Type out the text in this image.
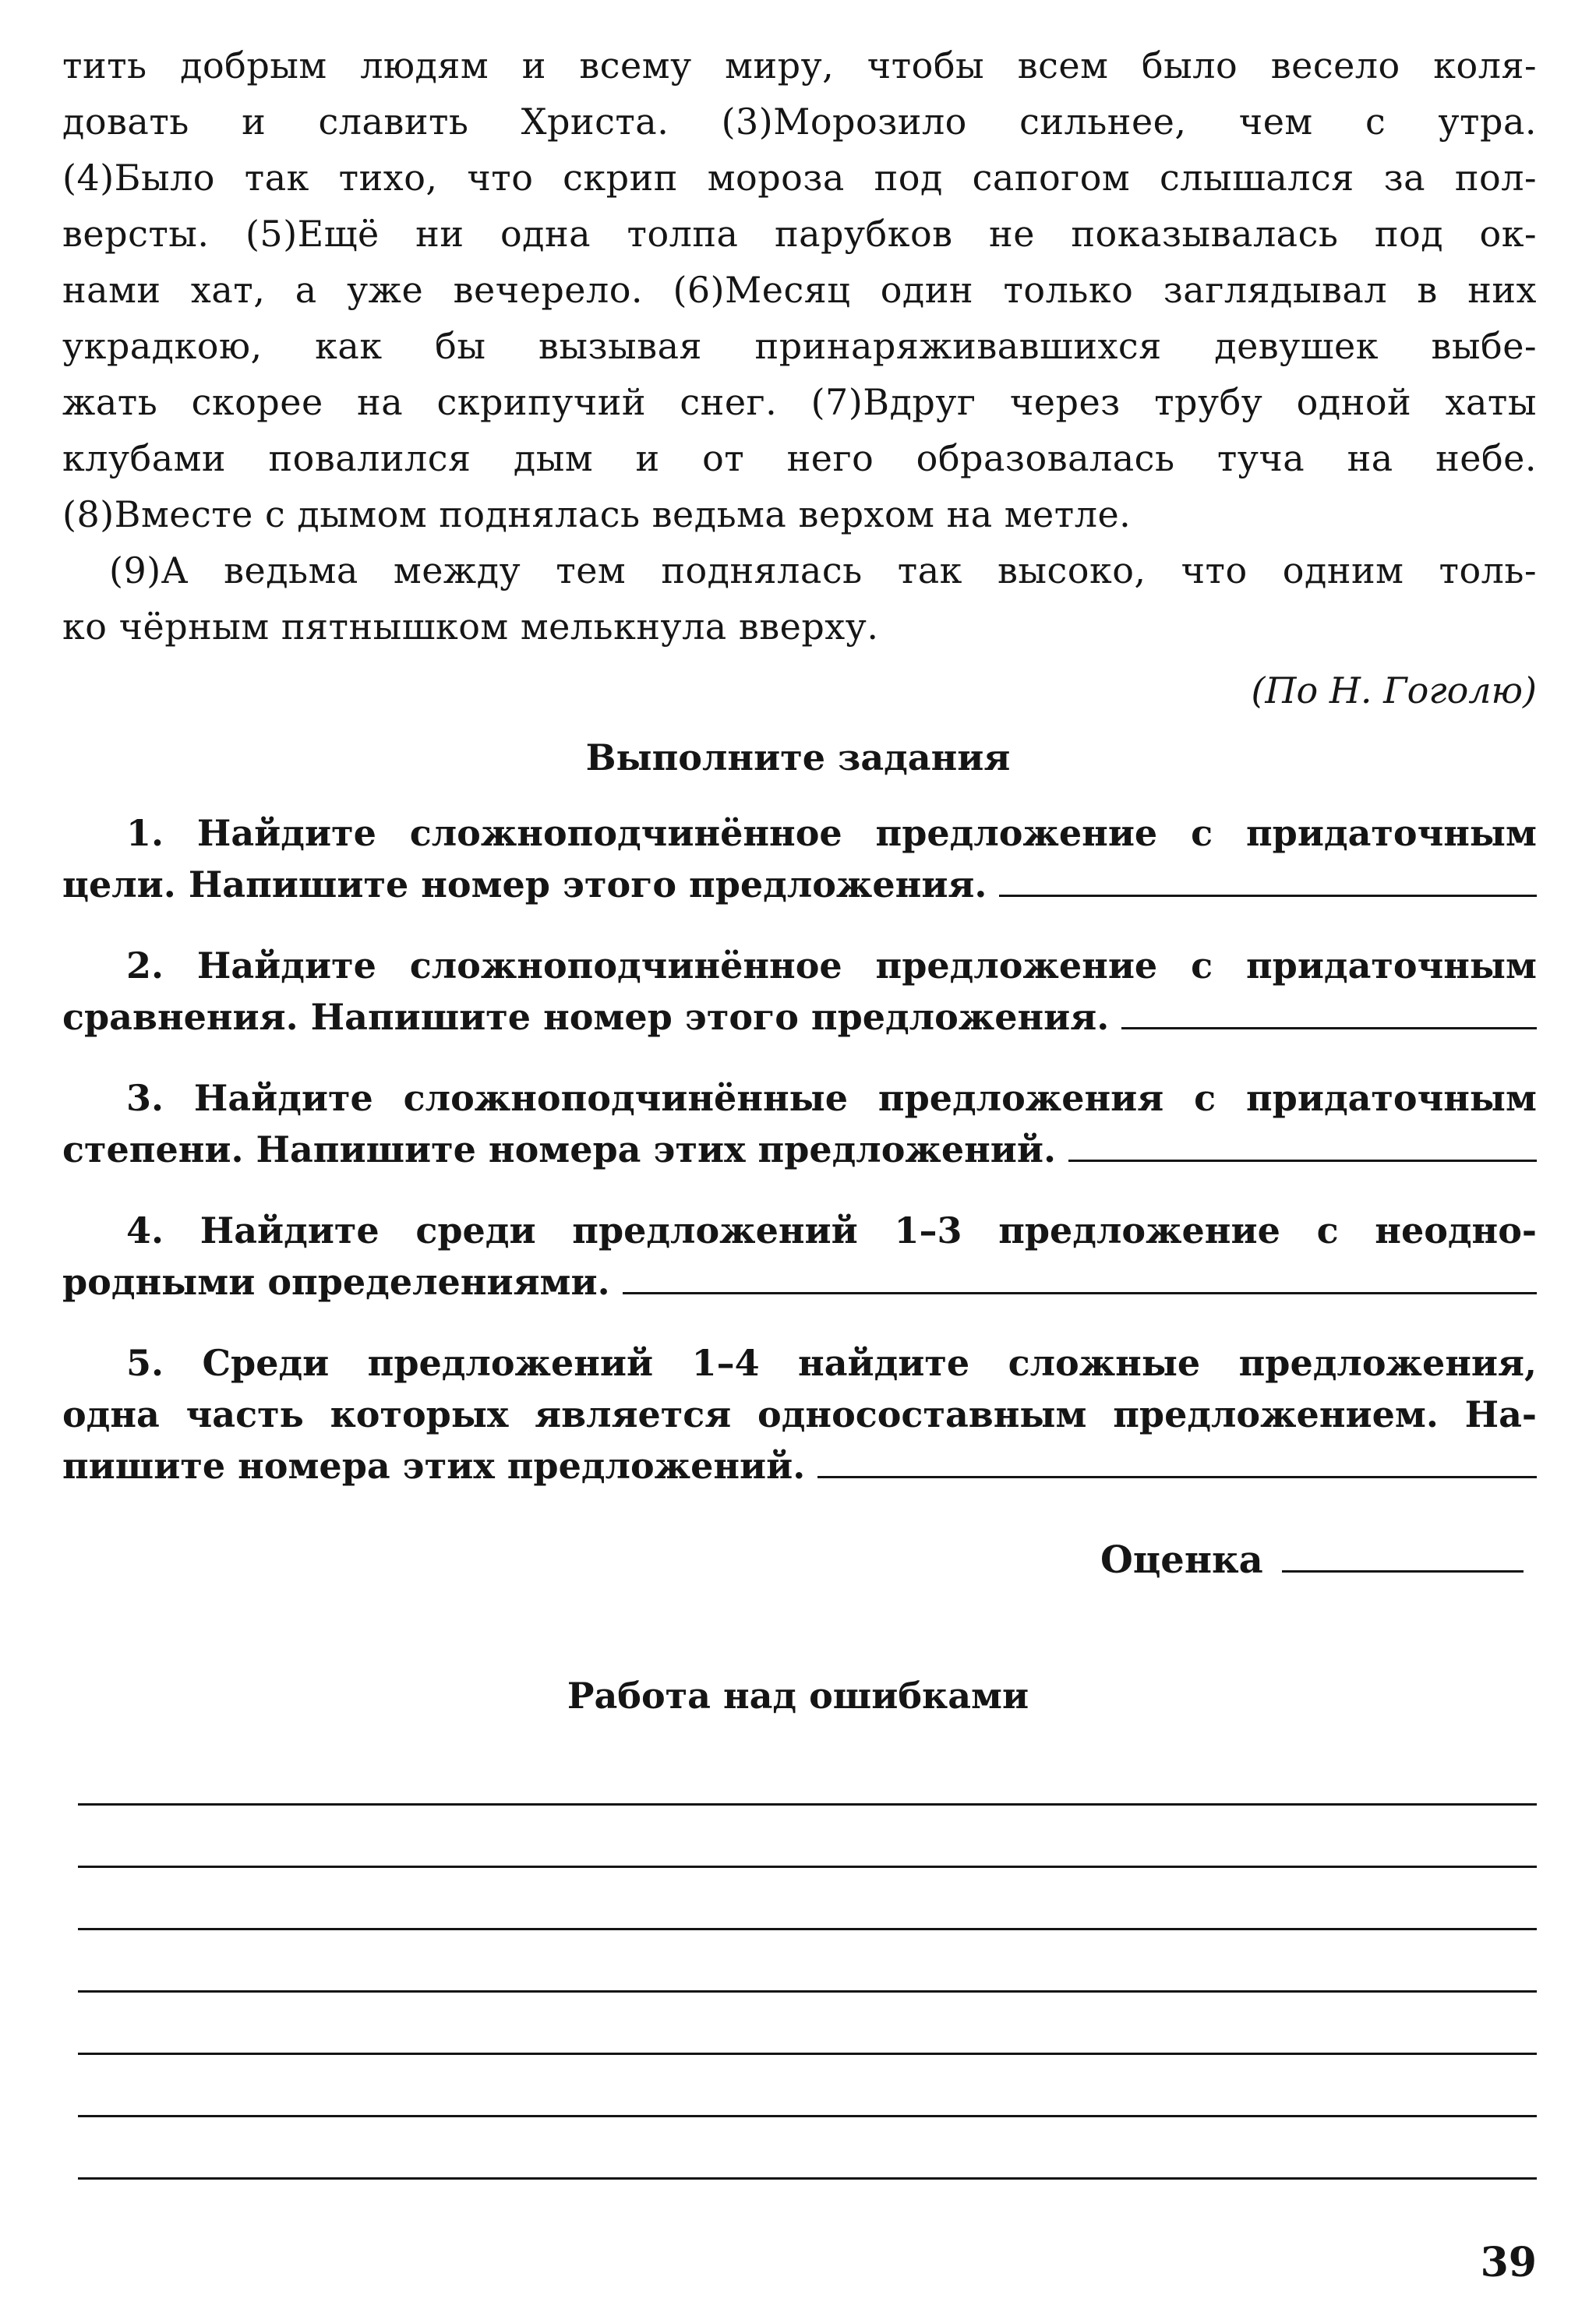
тить добрым людям и всему миру, чтобы всем было весело коля-
довать и славить Христа. (3)Морозило сильнее, чем с утра.
(4)Было так тихо, что скрип мороза под сапогом слышался за пол-
версты. (5)Ещё ни одна толпа парубков не показывалась под ок-
нами хат, а уже вечерело. (6)Месяц один только заглядывал в них
украдкою, как бы вызывая принаряживавшихся девушек выбе-
жать скорее на скрипучий снег. (7)Вдруг через трубу одной хаты
клубами повалился дым и от него образовалась туча на небе.
(8)Вместе с дымом поднялась ведьма верхом на метле.
(9)А ведьма между тем поднялась так высоко, что одним толь-
ко чёрным пятнышком мелькнула вверху.
(По Н. Гоголю)
Выполните задания
1. Найдите сложноподчинённое предложение с придаточным
цели. Напишите номер этого предложения.
2. Найдите сложноподчинённое предложение с придаточным
сравнения. Напишите номер этого предложения.
3. Найдите сложноподчинённые предложения с придаточным
степени. Напишите номера этих предложений.
4. Найдите среди предложений 1–3 предложение с неодно-
родными определениями.
5. Среди предложений 1–4 найдите сложные предложения,
одна часть которых является односоставным предложением. На-
пишите номера этих предложений.
Оценка
Работа над ошибками
39
